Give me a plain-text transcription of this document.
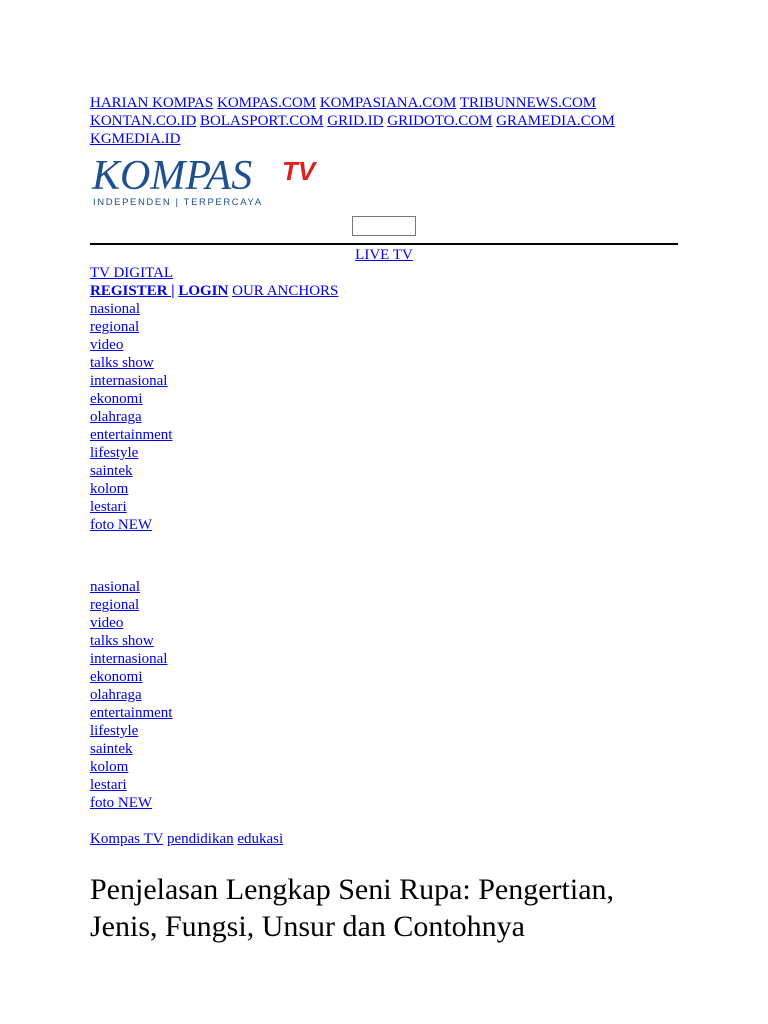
HARIAN KOMPAS KOMPAS.COM KOMPASIANA.COM TRIBUNNEWS.COM KONTAN.CO.ID BOLASPORT.COM GRID.ID GRIDOTO.COM GRAMEDIA.COM KGMEDIA.ID
KOMPAS TV
INDEPENDEN | TERPERCAYA
LIVE TV
TV DIGITAL
REGISTER | LOGIN OUR ANCHORS
nasional
regional
video
talks show
internasional
ekonomi
olahraga
entertainment
lifestyle
saintek
kolom
lestari
foto NEW
nasional
regional
video
talks show
internasional
ekonomi
olahraga
entertainment
lifestyle
saintek
kolom
lestari
foto NEW
Kompas TV pendidikan edukasi
Penjelasan Lengkap Seni Rupa: Pengertian, Jenis, Fungsi, Unsur dan Contohnya
